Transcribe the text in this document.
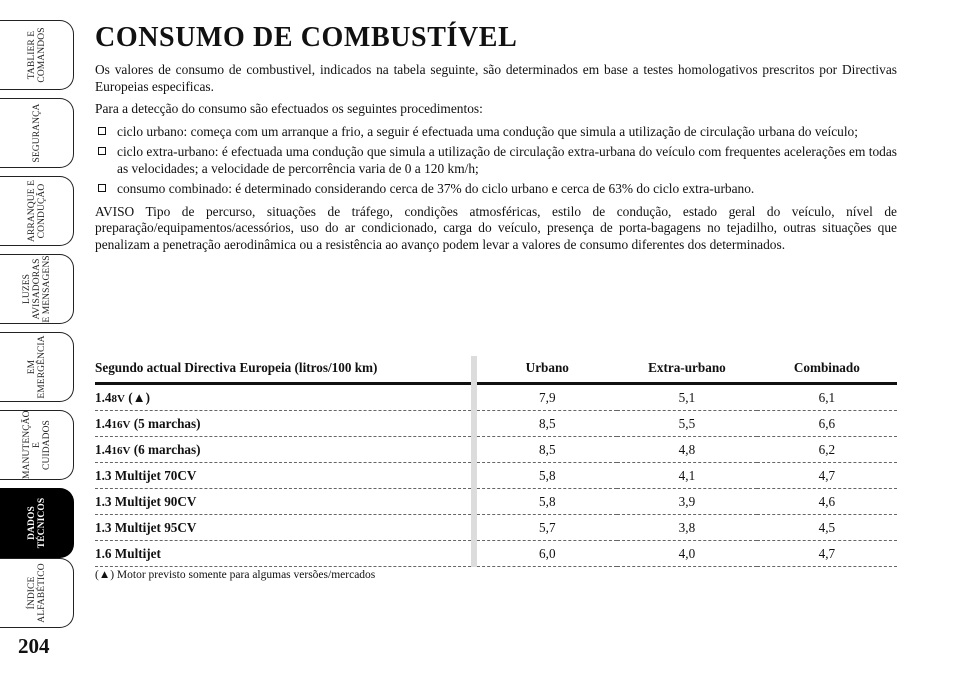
TABLIER E
COMANDOS
SEGURANÇA
ARRANQUE E
CONDUÇÃO
LUZES
AVISADORAS
E MENSAGENS
EM
EMERGÊNCIA
MANUTENÇÃO E
CUIDADOS
DADOS
TÉCNICOS
ÍNDICE
ALFABÉTICO
204
CONSUMO DE COMBUSTÍVEL

Os valores de consumo de combustivel, indicados na tabela seguinte, são determinados em base a testes homologativos prescritos por Directivas Europeias especificas.

Para a detecção do consumo são efectuados os seguintes procedimentos:

ciclo urbano: começa com um arranque a frio, a seguir é efectuada uma condução que simula a utilização de circulação urbana do veículo;
ciclo extra-urbano: é efectuada uma condução que simula a utilização de circulação extra-urbana do veículo com frequentes acelerações em todas as velocidades; a velocidade de percorrência varia de 0 a 120 km/h;
consumo combinado: é determinado considerando cerca de 37% do ciclo urbano e cerca de 63% do ciclo extra-urbano.

AVISO Tipo de percurso, situações de tráfego, condições atmosféricas, estilo de condução, estado geral do veículo, nível de preparação/equipamentos/acessórios, uso do ar condicionado, carga do veículo, presença de porta-bagagens no tejadilho, outras situações que penalizam a penetração aerodinâmica ou a resistência ao avanço podem levar a valores de consumo diferentes dos determinados.

Segundo actual Directiva Europeia (litros/100 km)		Urbano	Extra-urbano	Combinado
1.48V (▲)		7,9	5,1	6,1
1.416V (5 marchas)		8,5	5,5	6,6
1.416V (6 marchas)		8,5	4,8	6,2
1.3 Multijet 70CV		5,8	4,1	4,7
1.3 Multijet 90CV		5,8	3,9	4,6
1.3 Multijet 95CV		5,7	3,8	4,5
1.6 Multijet		6,0	4,0	4,7
(▲) Motor previsto somente para algumas versões/mercados
